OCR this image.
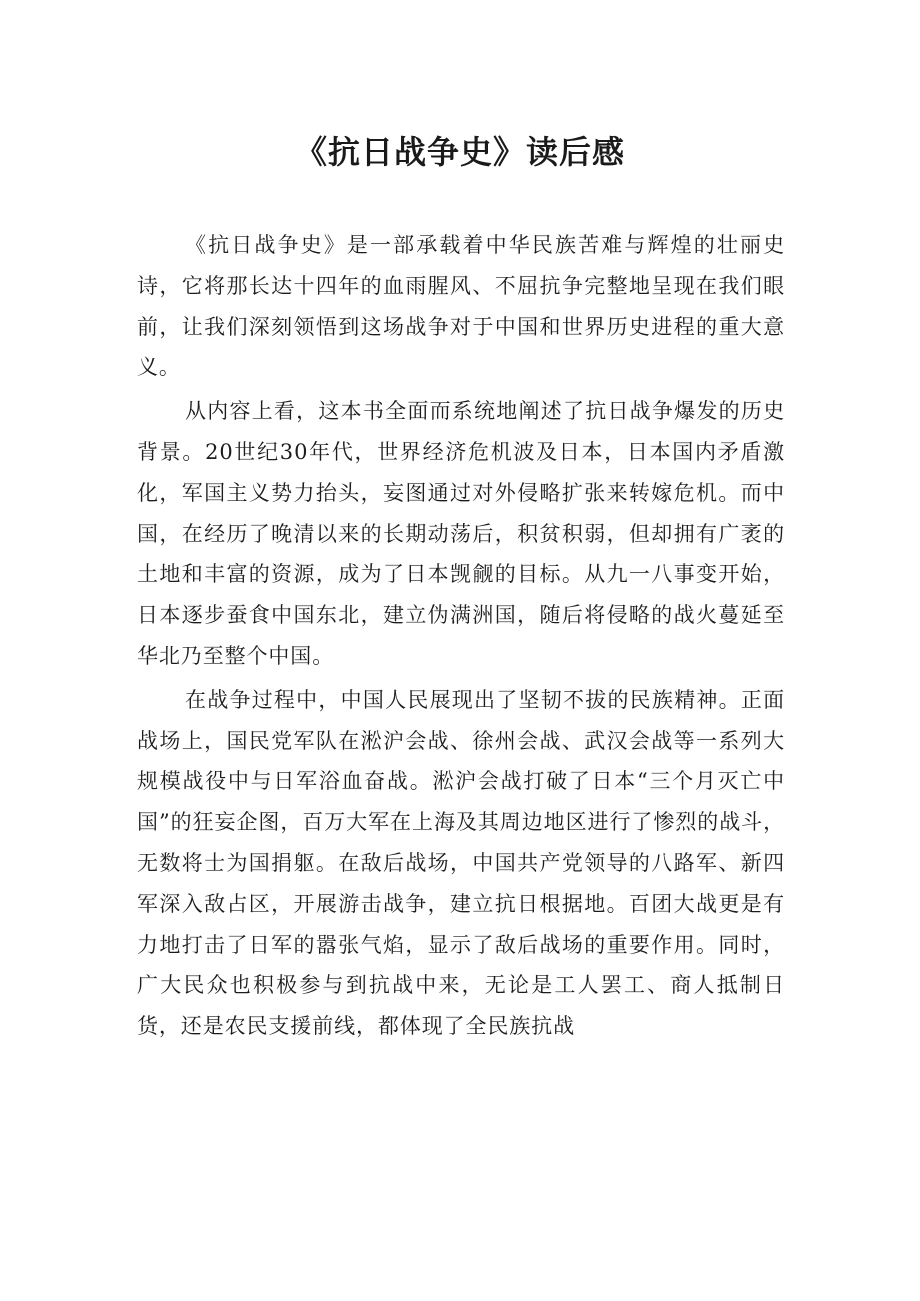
《抗日战争史》读后感

《抗日战争史》是一部承载着中华民族苦难与辉煌的壮丽史诗，它将那长达十四年的血雨腥风、不屈抗争完整地呈现在我们眼前，让我们深刻领悟到这场战争对于中国和世界历史进程的重大意义。

从内容上看，这本书全面而系统地阐述了抗日战争爆发的历史背景。20世纪30年代，世界经济危机波及日本，日本国内矛盾激化，军国主义势力抬头，妄图通过对外侵略扩张来转嫁危机。而中国，在经历了晚清以来的长期动荡后，积贫积弱，但却拥有广袤的土地和丰富的资源，成为了日本觊觎的目标。从九一八事变开始，日本逐步蚕食中国东北，建立伪满洲国，随后将侵略的战火蔓延至华北乃至整个中国。

在战争过程中，中国人民展现出了坚韧不拔的民族精神。正面战场上，国民党军队在淞沪会战、徐州会战、武汉会战等一系列大规模战役中与日军浴血奋战。淞沪会战打破了日本“三个月灭亡中国”的狂妄企图，百万大军在上海及其周边地区进行了惨烈的战斗，无数将士为国捐躯。在敌后战场，中国共产党领导的八路军、新四军深入敌占区，开展游击战争，建立抗日根据地。百团大战更是有力地打击了日军的嚣张气焰，显示了敌后战场的重要作用。同时，广大民众也积极参与到抗战中来，无论是工人罢工、商人抵制日货，还是农民支援前线，都体现了全民族抗战
